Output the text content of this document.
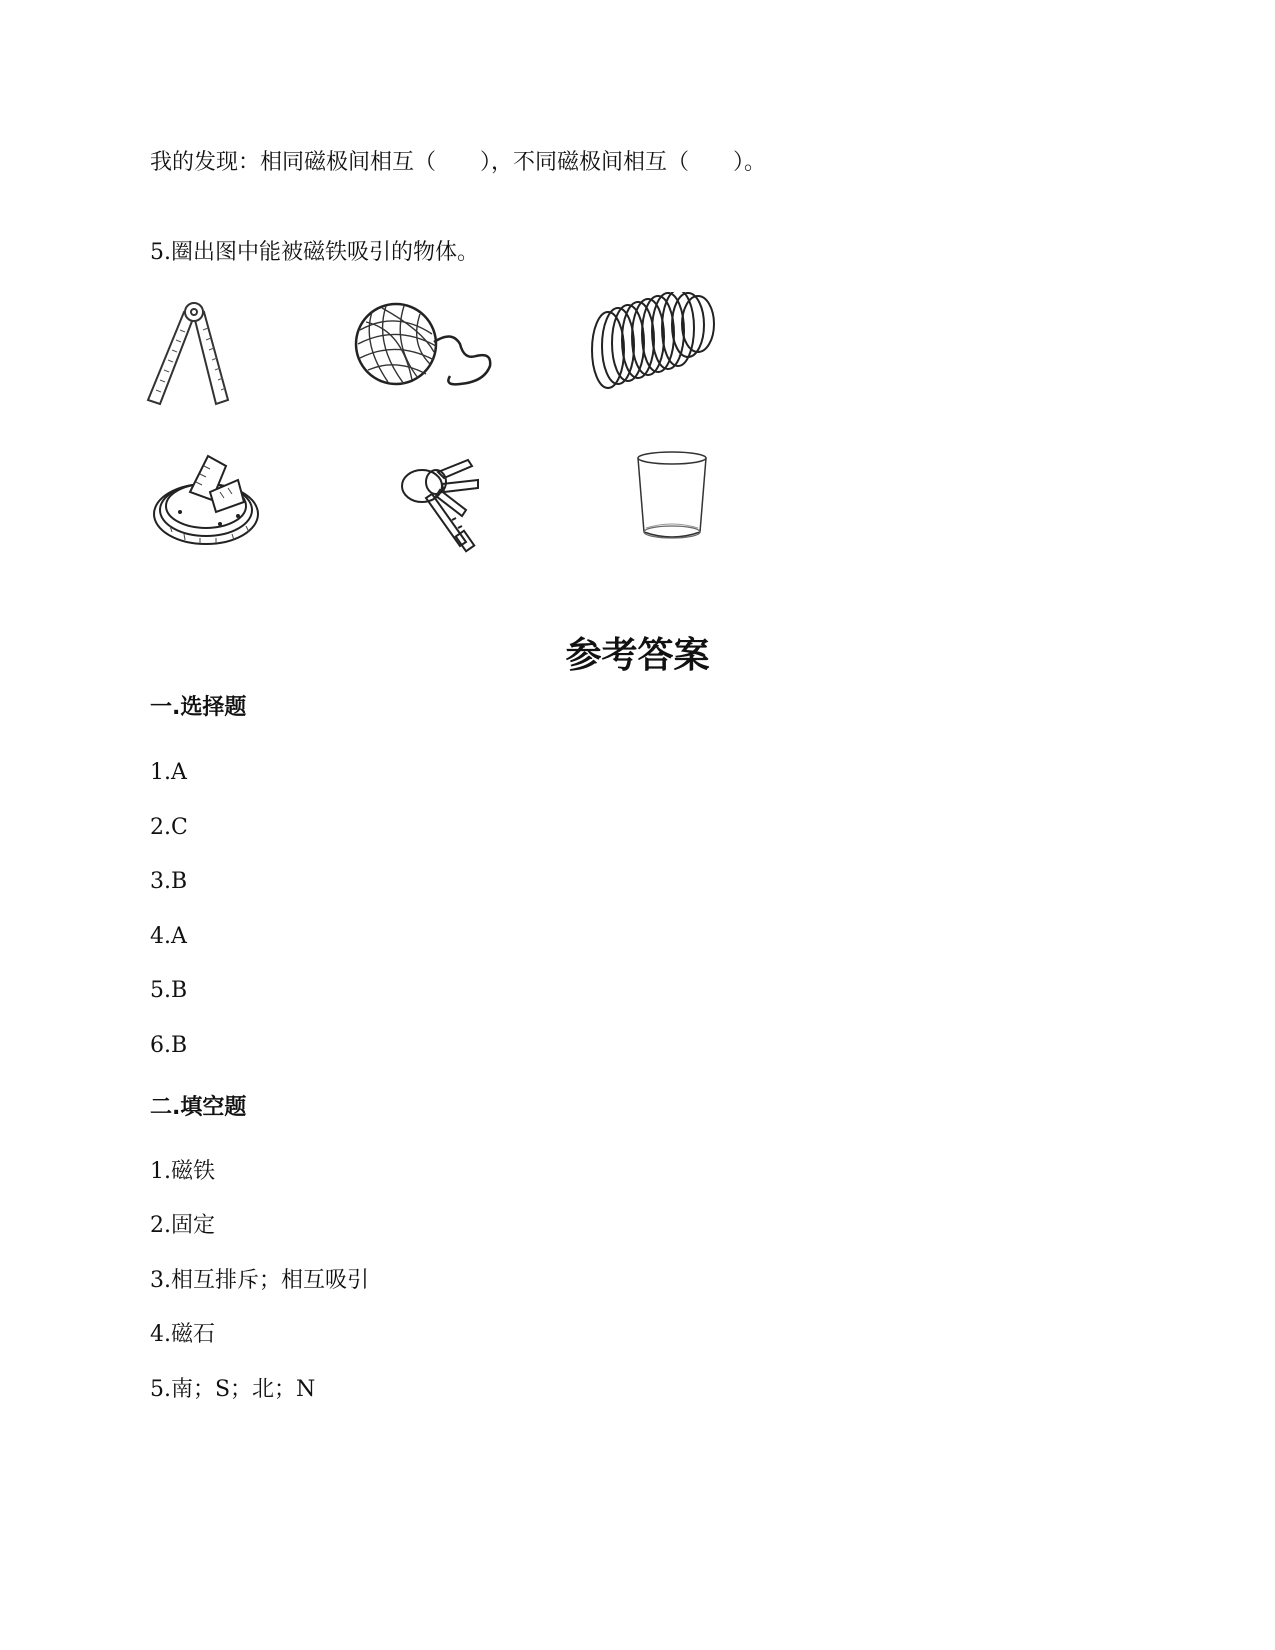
我的发现：相同磁极间相互（　　），不同磁极间相互（　　）。
5.圈出图中能被磁铁吸引的物体。
参考答案
一.选择题
1.A
2.C
3.B
4.A
5.B
6.B
二.填空题
1.磁铁
2.固定
3.相互排斥；相互吸引
4.磁石
5.南；S；北；N
